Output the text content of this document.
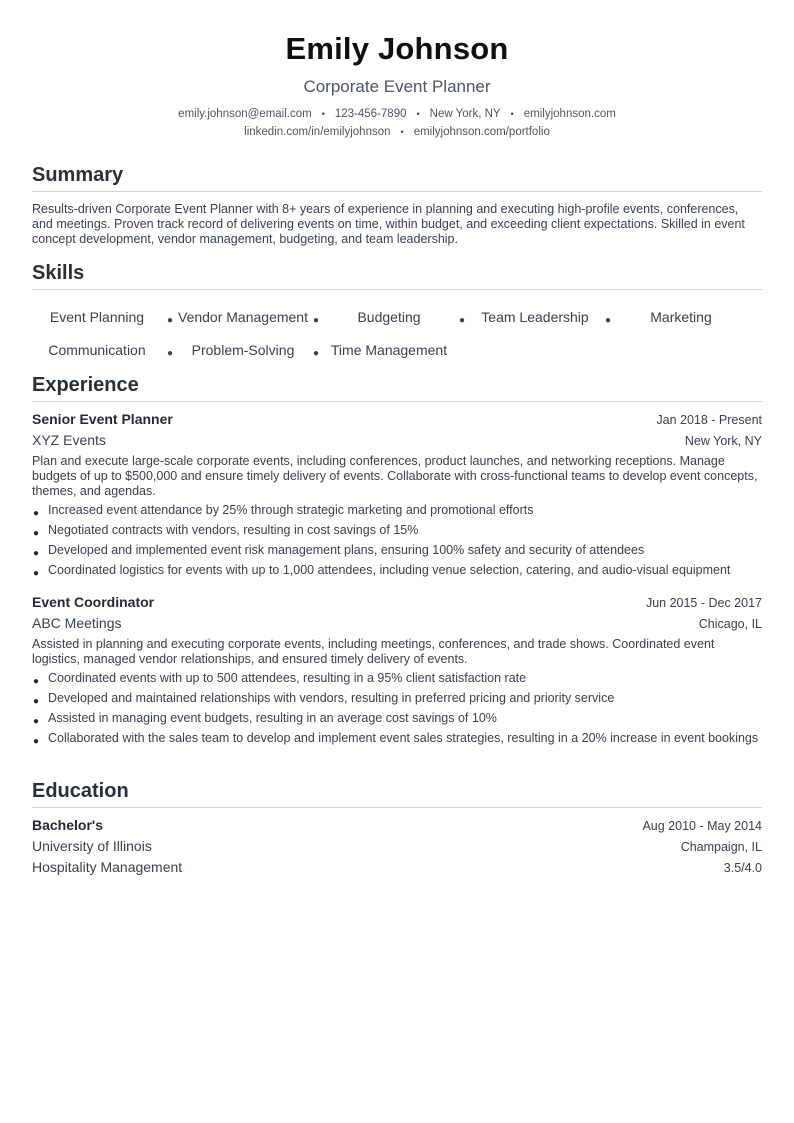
Emily Johnson
Corporate Event Planner
emily.johnson@email.com • 123-456-7890 • New York, NY • emilyjohnson.com
linkedin.com/in/emilyjohnson • emilyjohnson.com/portfolio
Summary
Results-driven Corporate Event Planner with 8+ years of experience in planning and executing high-profile events, conferences, and meetings. Proven track record of delivering events on time, within budget, and exceeding client expectations. Skilled in event concept development, vendor management, budgeting, and team leadership.
Skills
Event Planning	● Vendor Management ●	Budgeting	●	Team Leadership	●	Marketing
Communication	●	Problem-Solving	● Time Management
Experience
Senior Event Planner	Jan 2018 - Present
XYZ Events	New York, NY
Plan and execute large-scale corporate events, including conferences, product launches, and networking receptions. Manage budgets of up to $500,000 and ensure timely delivery of events. Collaborate with cross-functional teams to develop event concepts, themes, and agendas.
● Increased event attendance by 25% through strategic marketing and promotional efforts
● Negotiated contracts with vendors, resulting in cost savings of 15%
● Developed and implemented event risk management plans, ensuring 100% safety and security of attendees
● Coordinated logistics for events with up to 1,000 attendees, including venue selection, catering, and audio-visual equipment
Event Coordinator	Jun 2015 - Dec 2017
ABC Meetings	Chicago, IL
Assisted in planning and executing corporate events, including meetings, conferences, and trade shows. Coordinated event logistics, managed vendor relationships, and ensured timely delivery of events.
● Coordinated events with up to 500 attendees, resulting in a 95% client satisfaction rate
● Developed and maintained relationships with vendors, resulting in preferred pricing and priority service
● Assisted in managing event budgets, resulting in an average cost savings of 10%
● Collaborated with the sales team to develop and implement event sales strategies, resulting in a 20% increase in event bookings
Education
Bachelor's	Aug 2010 - May 2014
University of Illinois	Champaign, IL
Hospitality Management	3.5/4.0
